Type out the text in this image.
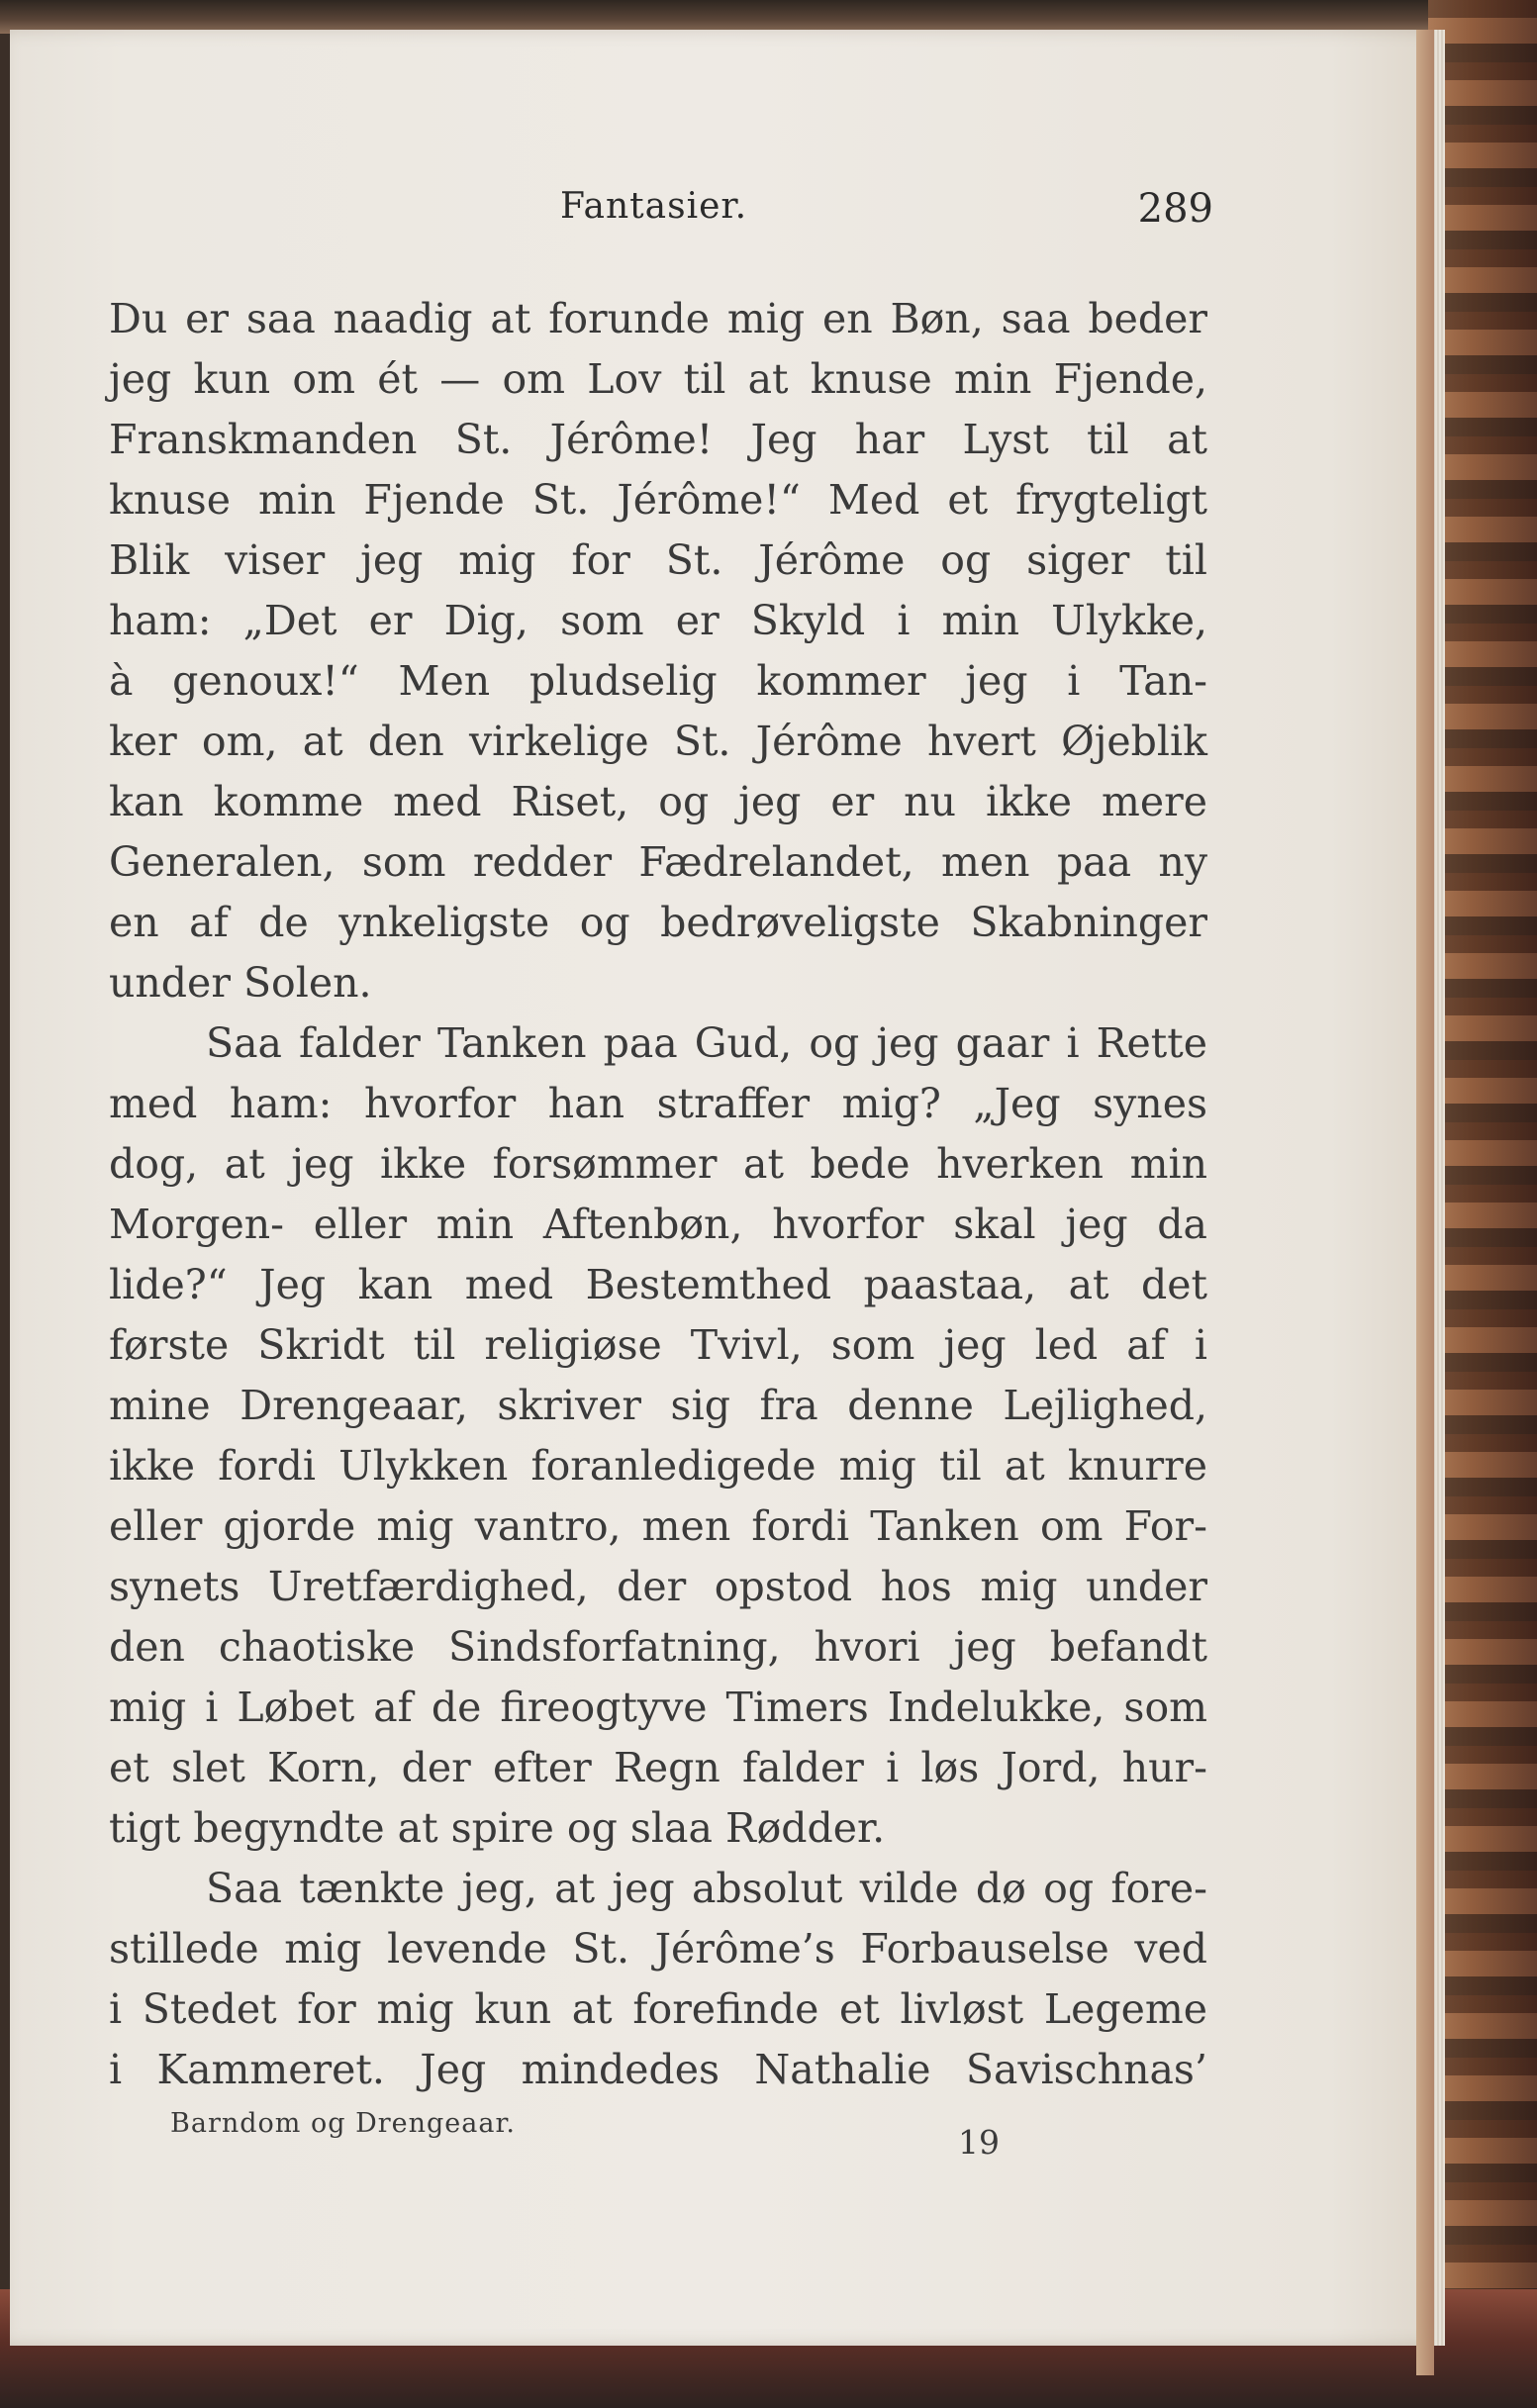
Fantasier.	289
Du er saa naadig at forunde mig en Bøn, saa beder
jeg kun om ét — om Lov til at knuse min Fjende,
Franskmanden St. Jérôme! Jeg har Lyst til at
knuse min Fjende St. Jérôme!“ Med et frygteligt
Blik viser jeg mig for St. Jérôme og siger til
ham: „Det er Dig, som er Skyld i min Ulykke,
à genoux!“ Men pludselig kommer jeg i Tan-
ker om, at den virkelige St. Jérôme hvert Øjeblik
kan komme med Riset, og jeg er nu ikke mere
Generalen, som redder Fædrelandet, men paa ny
en af de ynkeligste og bedrøveligste Skabninger
under Solen.
Saa falder Tanken paa Gud, og jeg gaar i Rette
med ham: hvorfor han straffer mig? „Jeg synes
dog, at jeg ikke forsømmer at bede hverken min
Morgen- eller min Aftenbøn, hvorfor skal jeg da
lide?“ Jeg kan med Bestemthed paastaa, at det
første Skridt til religiøse Tvivl, som jeg led af i
mine Drengeaar, skriver sig fra denne Lejlighed,
ikke fordi Ulykken foranledigede mig til at knurre
eller gjorde mig vantro, men fordi Tanken om For-
synets Uretfærdighed, der opstod hos mig under
den chaotiske Sindsforfatning, hvori jeg befandt
mig i Løbet af de fireogtyve Timers Indelukke, som
et slet Korn, der efter Regn falder i løs Jord, hur-
tigt begyndte at spire og slaa Rødder.
Saa tænkte jeg, at jeg absolut vilde dø og fore-
stillede mig levende St. Jérôme’s Forbauselse ved
i Stedet for mig kun at forefinde et livløst Legeme
i Kammeret. Jeg mindedes Nathalie Savischnas’
Barndom og Drengeaar.	19
